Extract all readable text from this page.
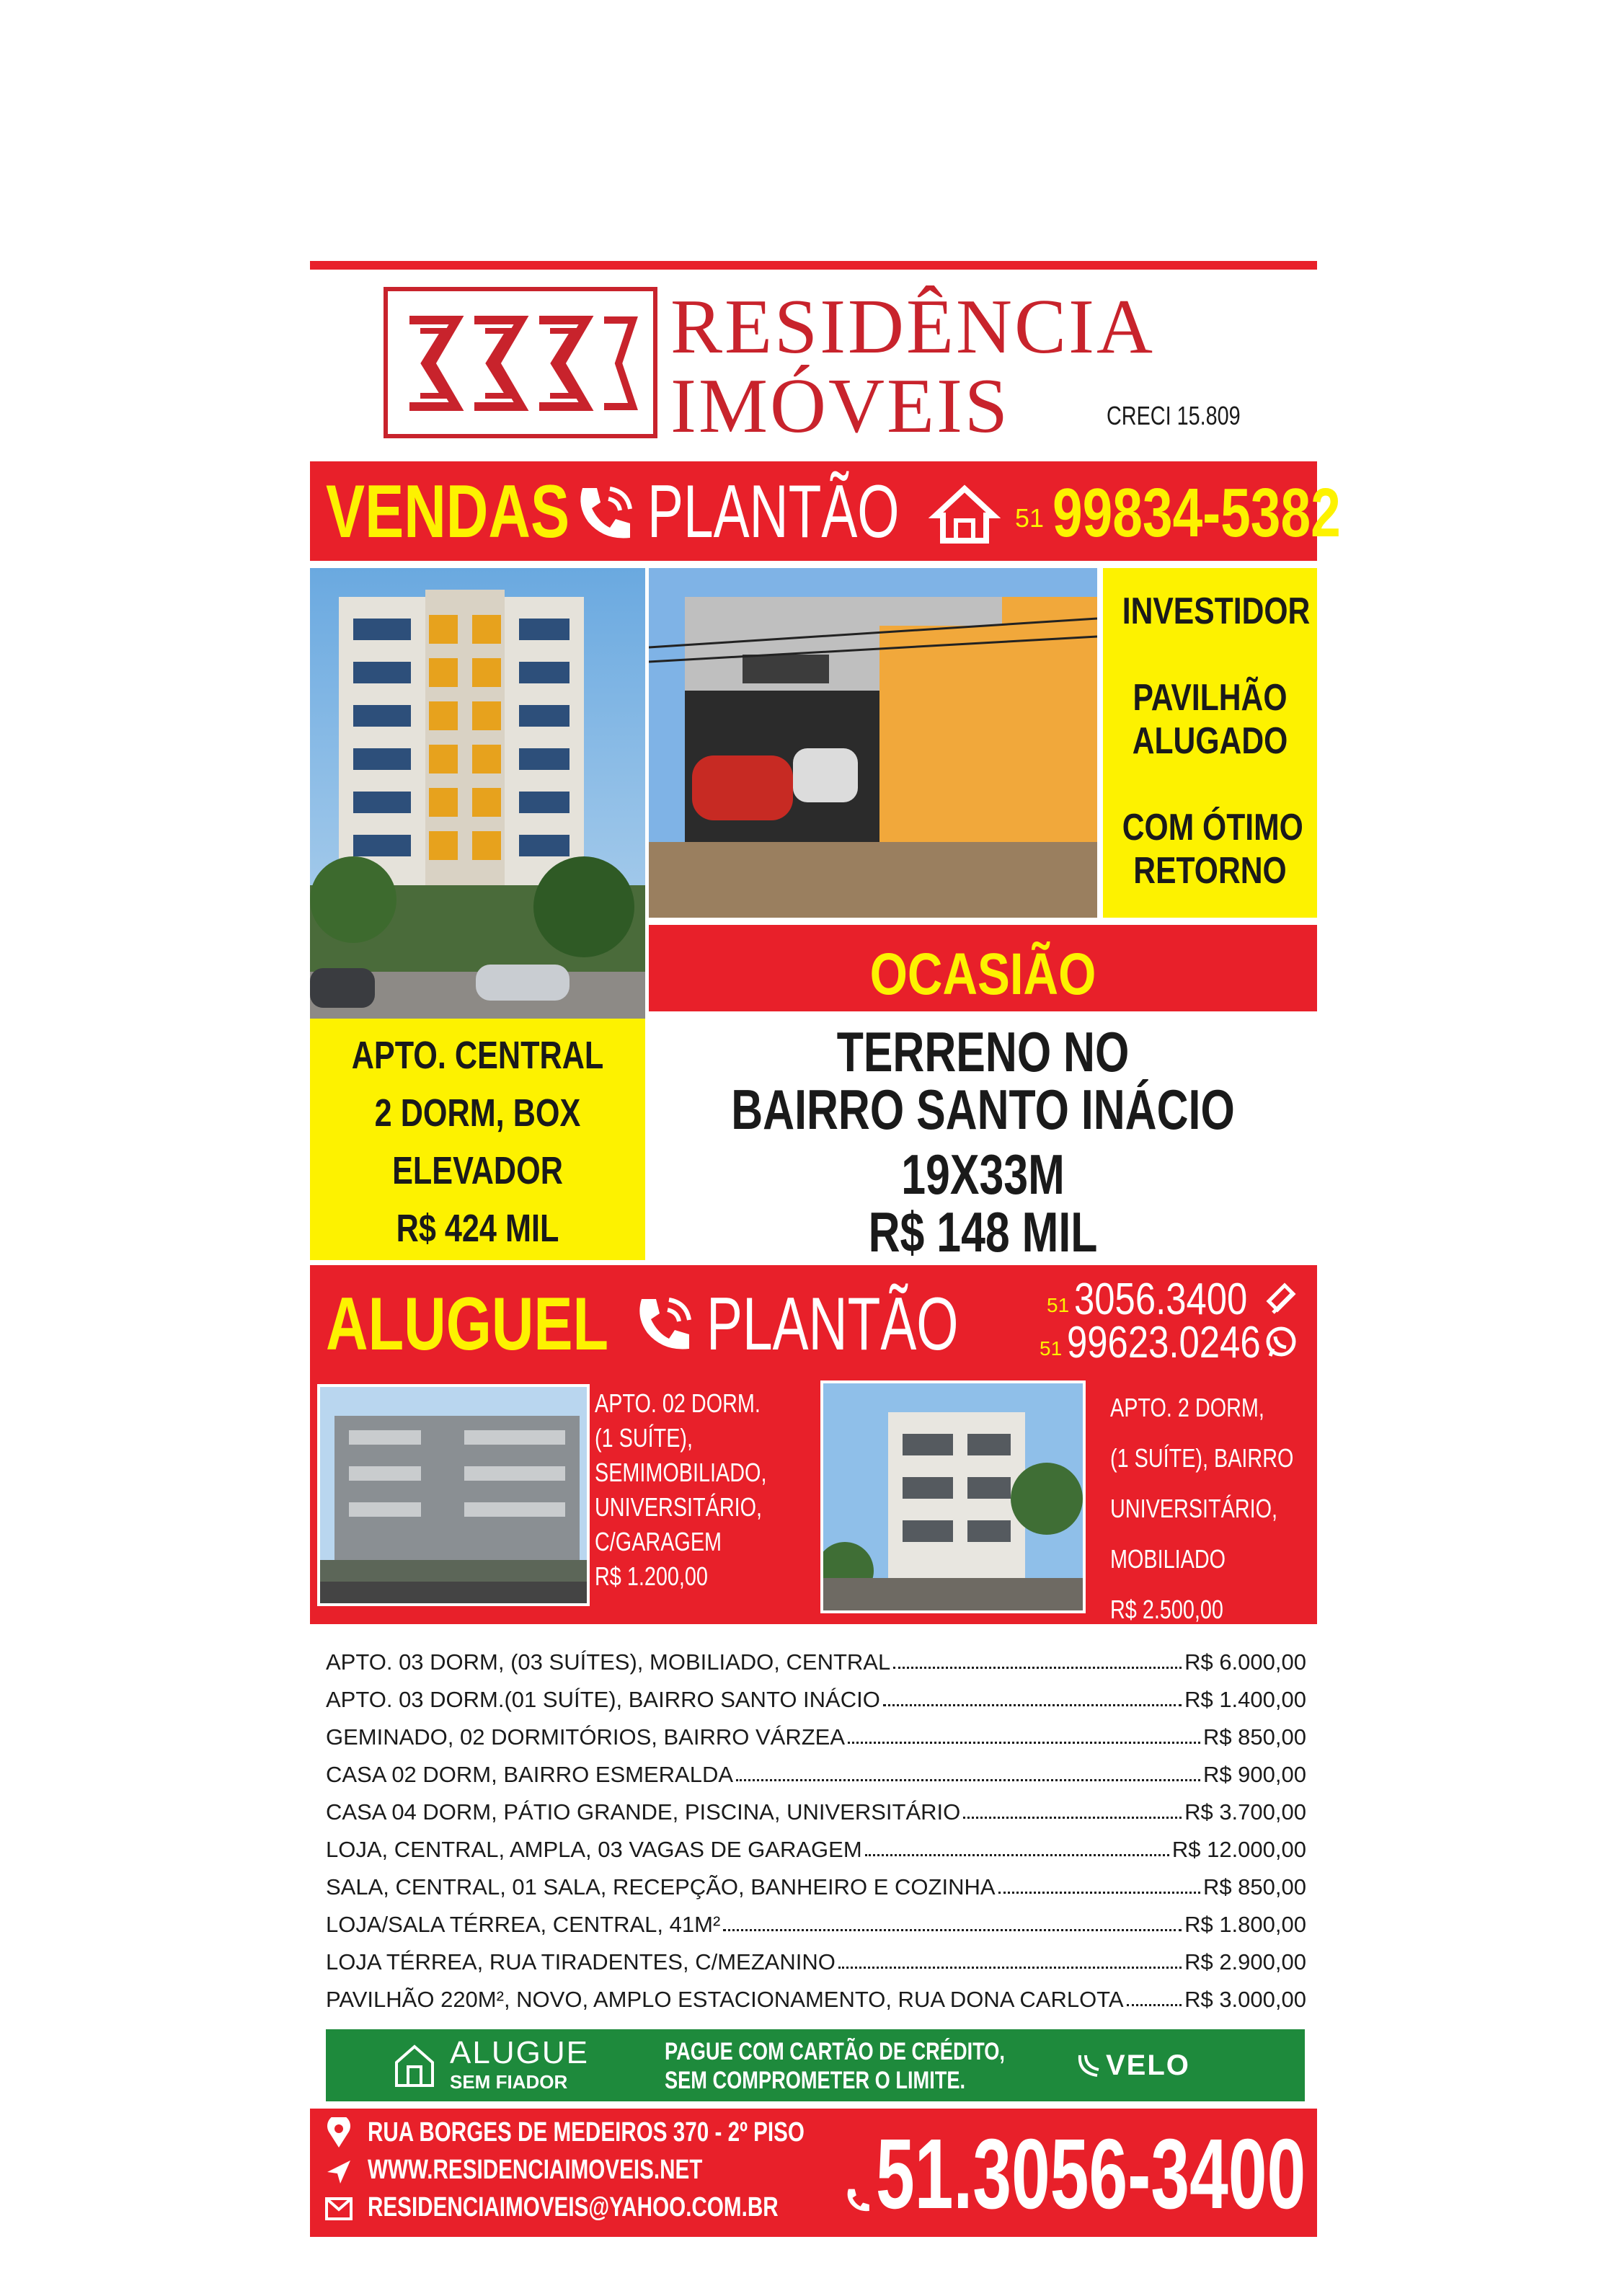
RESIDÊNCIA
IMÓVEIS	CRECI 15.809
VENDAS PLANTÃO	51 99834-5382
INVESTIDOR
PAVILHÃO
ALUGADO
COM ÓTIMO
RETORNO
OCASIÃO
TERRENO NO
BAIRRO SANTO INÁCIO
19X33M
R$ 148 MIL
APTO. CENTRAL
2 DORM, BOX
ELEVADOR
R$ 424 MIL
ALUGUEL PLANTÃO	51 3056.3400
51 99623.0246
APTO. 02 DORM.
(1 SUÍTE),
SEMIMOBILIADO,
UNIVERSITÁRIO,
C/GARAGEM
R$ 1.200,00
APTO. 2 DORM,
(1 SUÍTE), BAIRRO
UNIVERSITÁRIO,
MOBILIADO
R$ 2.500,00
APTO. 03 DORM, (03 SUÍTES), MOBILIADO, CENTRAL	R$ 6.000,00
APTO. 03 DORM.(01 SUÍTE), BAIRRO SANTO INÁCIO	R$ 1.400,00
GEMINADO, 02 DORMITÓRIOS, BAIRRO VÁRZEA	R$ 850,00
CASA 02 DORM, BAIRRO ESMERALDA	R$ 900,00
CASA 04 DORM, PÁTIO GRANDE, PISCINA, UNIVERSITÁRIO	R$ 3.700,00
LOJA, CENTRAL, AMPLA, 03 VAGAS DE GARAGEM	R$ 12.000,00
SALA, CENTRAL, 01 SALA, RECEPÇÃO, BANHEIRO E COZINHA	R$ 850,00
LOJA/SALA TÉRREA, CENTRAL, 41M²	R$ 1.800,00
LOJA TÉRREA, RUA TIRADENTES, C/MEZANINO	R$ 2.900,00
PAVILHÃO 220M², NOVO, AMPLO ESTACIONAMENTO, RUA DONA CARLOTA	R$ 3.000,00
ALUGUE
SEM FIADOR
PAGUE COM CARTÃO DE CRÉDITO,
SEM COMPROMETER O LIMITE.	VELO
RUA BORGES DE MEDEIROS 370 - 2º PISO
WWW.RESIDENCIAIMOVEIS.NET
RESIDENCIAIMOVEIS@YAHOO.COM.BR 51.3056-3400
